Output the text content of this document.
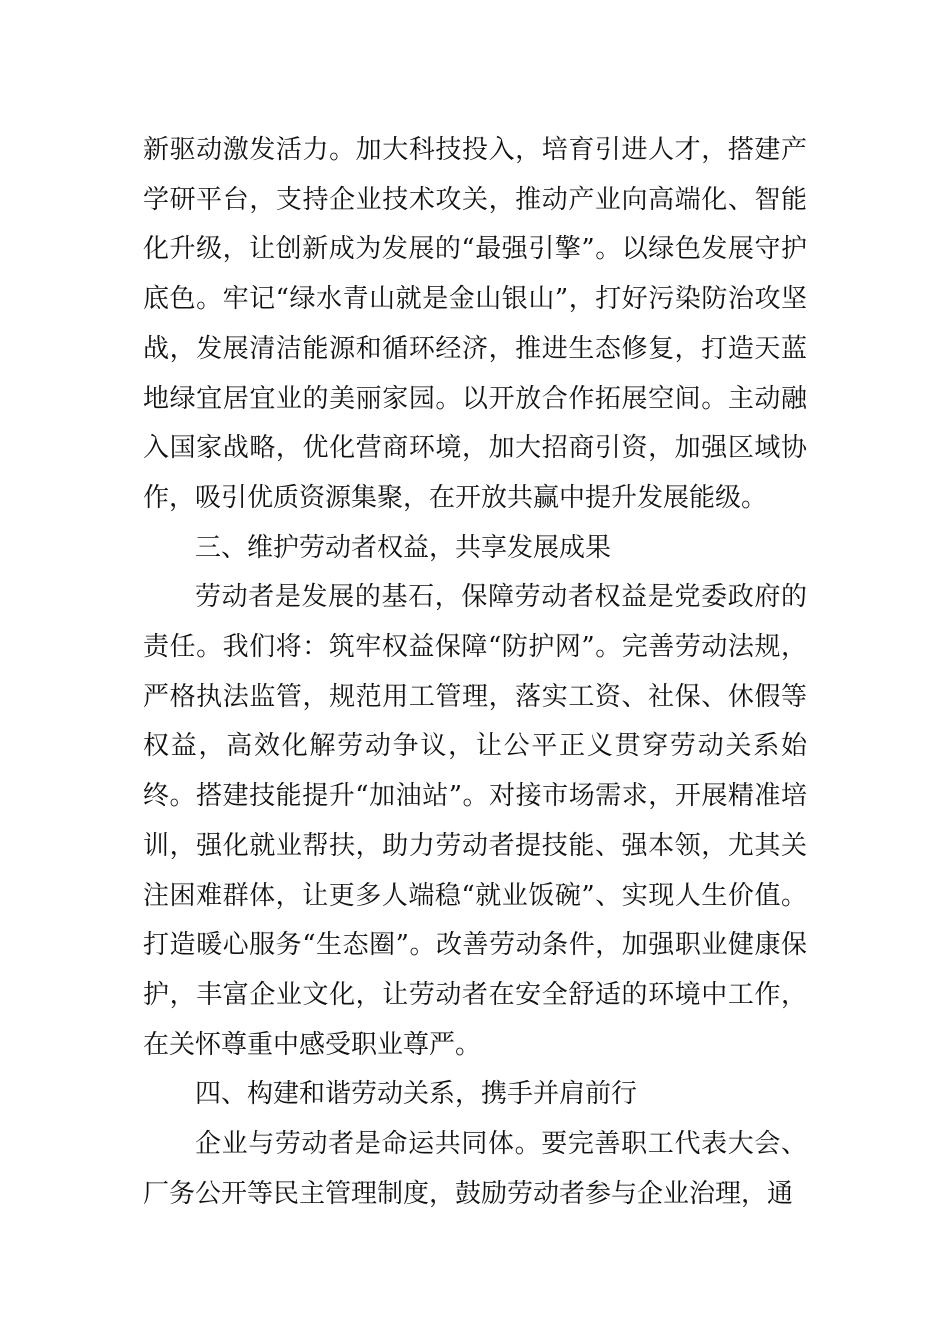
新驱动激发活力。加大科技投入，培育引进人才，搭建产学研平台，支持企业技术攻关，推动产业向高端化、智能化升级，让创新成为发展的“最强引擎”。以绿色发展守护底色。牢记“绿水青山就是金山银山”，打好污染防治攻坚战，发展清洁能源和循环经济，推进生态修复，打造天蓝地绿宜居宜业的美丽家园。以开放合作拓展空间。主动融入国家战略，优化营商环境，加大招商引资，加强区域协作，吸引优质资源集聚，在开放共赢中提升发展能级。

三、维护劳动者权益，共享发展成果

劳动者是发展的基石，保障劳动者权益是党委政府的责任。我们将：筑牢权益保障“防护网”。完善劳动法规，严格执法监管，规范用工管理，落实工资、社保、休假等权益，高效化解劳动争议，让公平正义贯穿劳动关系始终。搭建技能提升“加油站”。对接市场需求，开展精准培训，强化就业帮扶，助力劳动者提技能、强本领，尤其关注困难群体，让更多人端稳“就业饭碗”、实现人生价值。打造暖心服务“生态圈”。改善劳动条件，加强职业健康保护，丰富企业文化，让劳动者在安全舒适的环境中工作，在关怀尊重中感受职业尊严。

四、构建和谐劳动关系，携手并肩前行

企业与劳动者是命运共同体。要完善职工代表大会、厂务公开等民主管理制度，鼓励劳动者参与企业治理，通
